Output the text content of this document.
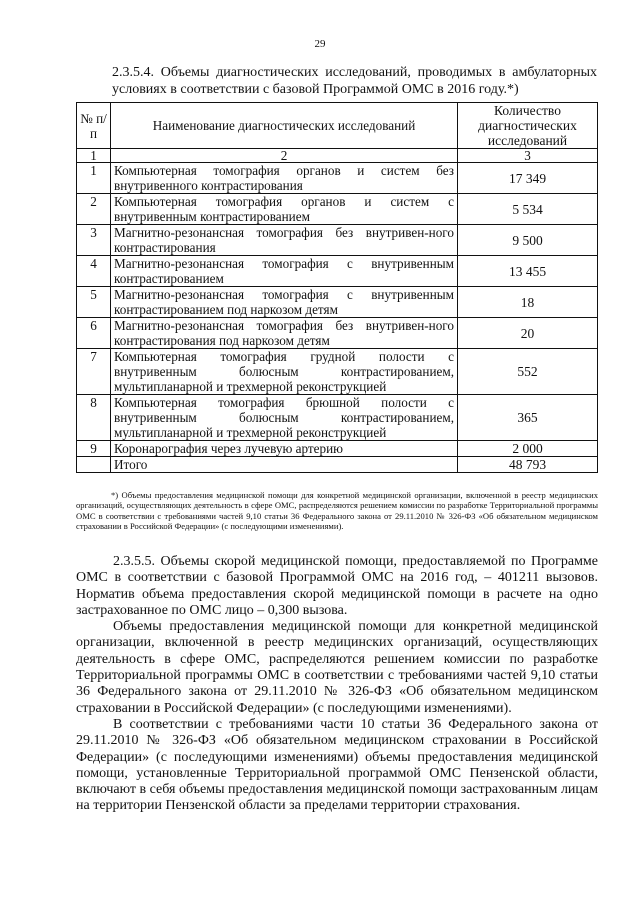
29
2.3.5.4. Объемы диагностических исследований, проводимых в амбулаторных условиях в соответствии с базовой Программой ОМС в 2016 году.*)
№ п/п	Наименование диагностических исследований	Количество диагностических исследований
1	2	3
1	Компьютерная томография органов и систем без внутривенного контрастирования	17 349
2	Компьютерная томография органов и систем с внутривенным контрастированием	5 534
3	Магнитно-резонансная томография без внутривен-ного контрастирования	9 500
4	Магнитно-резонансная томография с внутривенным контрастированием	13 455
5	Магнитно-резонансная томография с внутривенным контрастированием под наркозом детям	18
6	Магнитно-резонансная томография без внутривен-ного контрастирования под наркозом детям	20
7	Компьютерная томография грудной полости с внутривенным болюсным контрастированием, мультипланарной и трехмерной реконструкцией	552
8	Компьютерная томография брюшной полости с внутривенным болюсным контрастированием, мультипланарной и трехмерной реконструкцией	365
9	Коронарография через лучевую артерию	2 000
	Итого	48 793

*) Объемы предоставления медицинской помощи для конкретной медицинской организации, включенной в реестр медицинских организаций, осуществляющих деятельность в сфере ОМС, распределяются решением комиссии по разработке Территориальной программы ОМС в соответствии с требованиями частей 9,10 статьи 36 Федерального закона от 29.11.2010 № 326-ФЗ «Об обязательном медицинском страховании в Российской Федерации» (с последующими изменениями).

2.3.5.5. Объемы скорой медицинской помощи, предоставляемой по Программе ОМС в соответствии с базовой Программой ОМС на 2016 год, – 401211 вызовов. Норматив объема предоставления скорой медицинской помощи в расчете на одно застрахованное по ОМС лицо – 0,300 вызова.

Объемы предоставления медицинской помощи для конкретной медицинской организации, включенной в реестр медицинских организаций, осуществляющих деятельность в сфере ОМС, распределяются решением комиссии по разработке Территориальной программы ОМС в соответствии с требованиями частей 9,10 статьи 36 Федерального закона от 29.11.2010 № 326-ФЗ «Об обязательном медицинском страховании в Российской Федерации» (с последующими изменениями).

В соответствии с требованиями части 10 статьи 36 Федерального закона от 29.11.2010 № 326-ФЗ «Об обязательном медицинском страховании в Российской Федерации» (с последующими изменениями) объемы предоставления медицинской помощи, установленные Территориальной программой ОМС Пензенской области, включают в себя объемы предоставления медицинской помощи застрахованным лицам на территории Пензенской области за пределами территории страхования.
